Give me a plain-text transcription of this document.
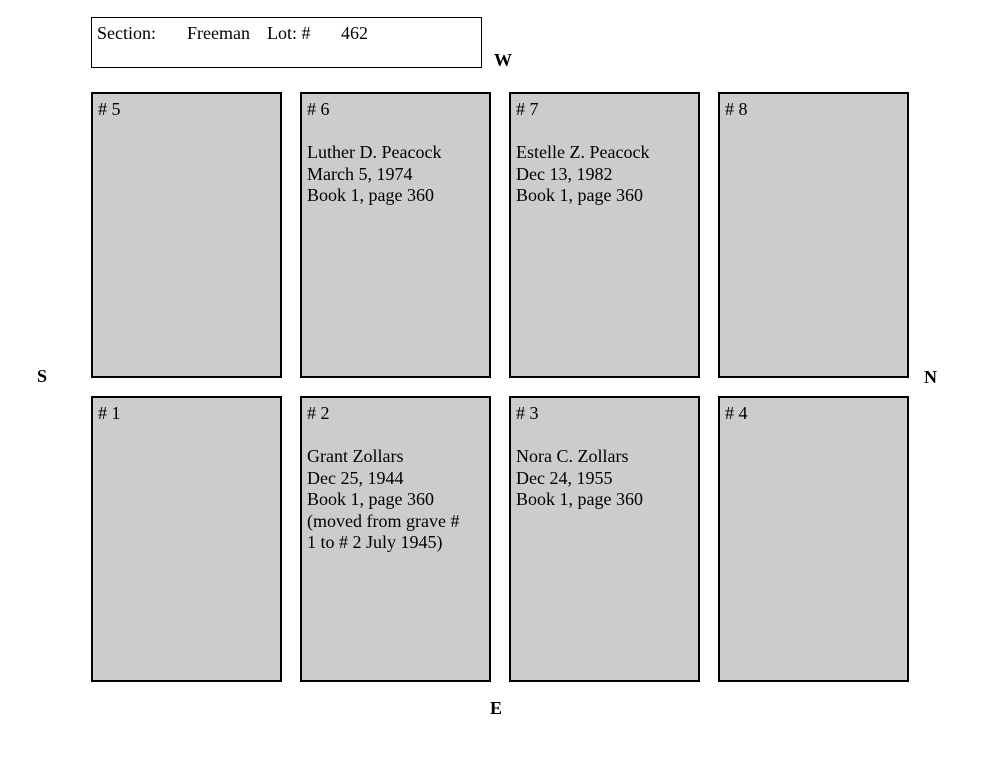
Section: Freeman Lot: # 462
W
E
S	N
# 5	# 6
Luther D. Peacock
March 5, 1974
Book 1, page 360
# 7
Estelle Z. Peacock
Dec 13, 1982
Book 1, page 360
# 8
# 1	# 2
Grant Zollars
Dec 25, 1944
Book 1, page 360
(moved from grave #
1 to # 2 July 1945)
# 3
Nora C. Zollars
Dec 24, 1955
Book 1, page 360
# 4
